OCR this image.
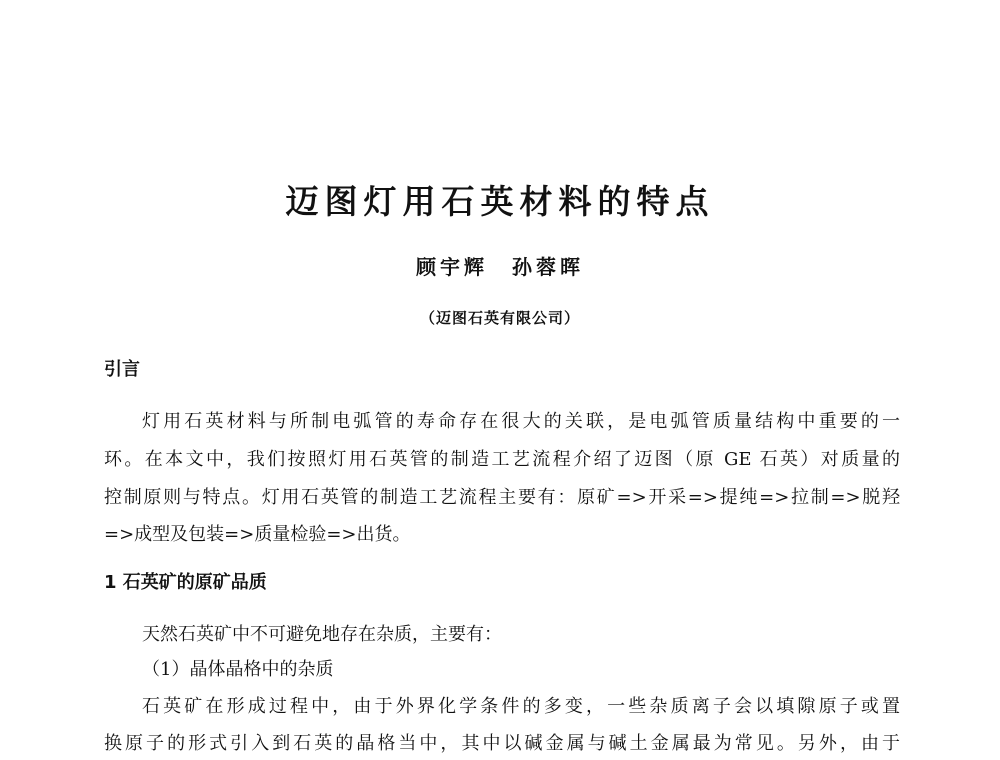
迈图灯用石英材料的特点
顾宇辉　孙蓉晖
（迈图石英有限公司）
引言
灯用石英材料与所制电弧管的寿命存在很大的关联，是电弧管质量结构中重要的一
环。在本文中，我们按照灯用石英管的制造工艺流程介绍了迈图（原 GE 石英）对质量的
控制原则与特点。灯用石英管的制造工艺流程主要有：原矿=>开采=>提纯=>拉制=>脱羟
=>成型及包装=>质量检验=>出货。
1 石英矿的原矿品质
天然石英矿中不可避免地存在杂质，主要有：
（1）晶体晶格中的杂质
石英矿在形成过程中，由于外界化学条件的多变，一些杂质离子会以填隙原子或置
换原子的形式引入到石英的晶格当中，其中以碱金属与碱土金属最为常见。另外，由于
